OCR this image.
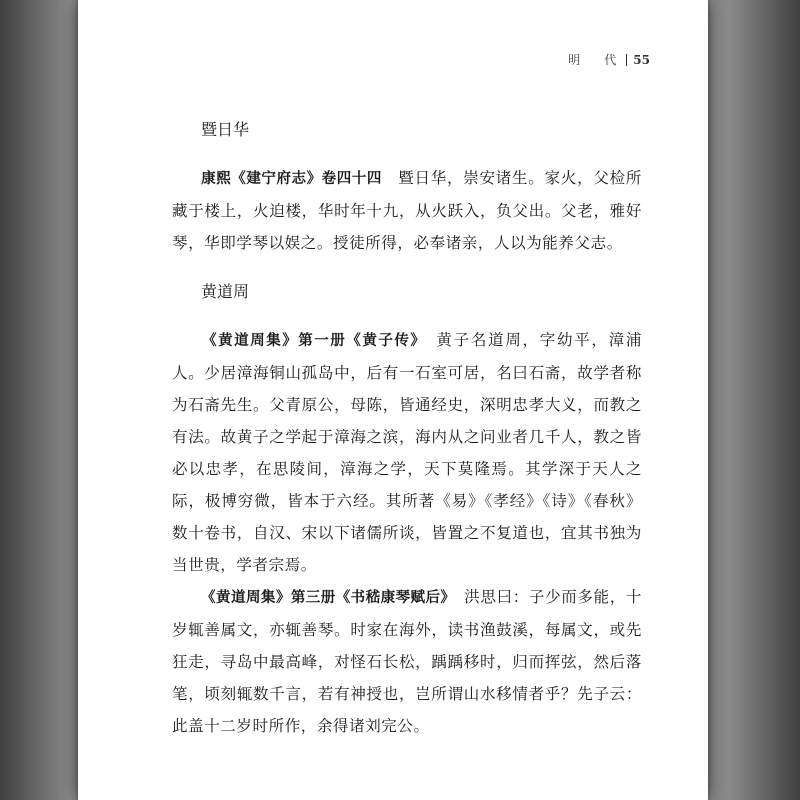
明　代 55
暨日华
康熙《建宁府志》卷四十四　暨日华，崇安诸生。家火，父检所藏于楼上，火迫楼，华时年十九，从火跃入，负父出。父老，雅好琴，华即学琴以娱之。授徒所得，必奉诸亲，人以为能养父志。
黄道周
《黄道周集》第一册《黄子传》　黄子名道周，字幼平，漳浦人。少居漳海铜山孤岛中，后有一石室可居，名曰石斋，故学者称为石斋先生。父青原公，母陈，皆通经史，深明忠孝大义，而教之有法。故黄子之学起于漳海之滨，海内从之问业者几千人，教之皆必以忠孝，在思陵间，漳海之学，天下莫隆焉。其学深于天人之际，极博穷微，皆本于六经。其所著《易》《孝经》《诗》《春秋》数十卷书，自汉、宋以下诸儒所谈，皆置之不复道也，宜其书独为当世贵，学者宗焉。
《黄道周集》第三册《书嵇康琴赋后》　洪思曰：子少而多能，十岁辄善属文，亦辄善琴。时家在海外，读书渔鼓溪，每属文，或先狂走，寻岛中最高峰，对怪石长松，踽踽移时，归而挥弦，然后落笔，顷刻辄数千言，若有神授也，岂所谓山水移情者乎？先子云：此盖十二岁时所作，余得诸刘完公。
